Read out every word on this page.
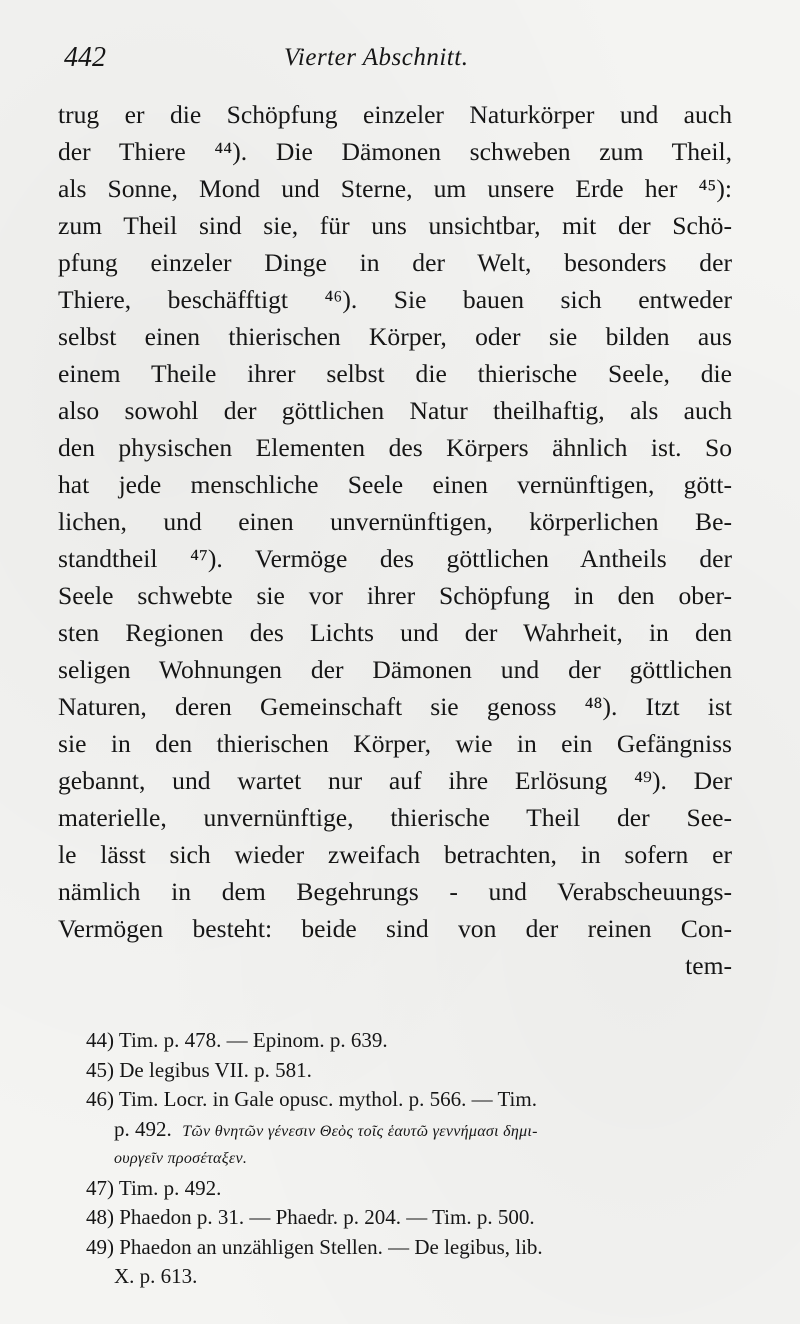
442	Vierter Abschnitt.
trug er die Schöpfung einzeler Naturkörper und auch
der Thiere ⁴⁴). Die Dämonen schweben zum Theil,
als Sonne, Mond und Sterne, um unsere Erde her ⁴⁵):
zum Theil sind sie, für uns unsichtbar, mit der Schö-
pfung einzeler Dinge in der Welt, besonders der
Thiere, beschäfftigt ⁴⁶). Sie bauen sich entweder
selbst einen thierischen Körper, oder sie bilden aus
einem Theile ihrer selbst die thierische Seele, die
also sowohl der göttlichen Natur theilhaftig, als auch
den physischen Elementen des Körpers ähnlich ist. So
hat jede menschliche Seele einen vernünftigen, gött-
lichen, und einen unvernünftigen, körperlichen Be-
standtheil ⁴⁷). Vermöge des göttlichen Antheils der
Seele schwebte sie vor ihrer Schöpfung in den ober-
sten Regionen des Lichts und der Wahrheit, in den
seligen Wohnungen der Dämonen und der göttlichen
Naturen, deren Gemeinschaft sie genoss ⁴⁸). Itzt ist
sie in den thierischen Körper, wie in ein Gefängniss
gebannt, und wartet nur auf ihre Erlösung ⁴⁹). Der
materielle, unvernünftige, thierische Theil der See-
le lässt sich wieder zweifach betrachten, in sofern er
nämlich in dem Begehrungs - und Verabscheuungs-
Vermögen besteht: beide sind von der reinen Con-
tem-
44) Tim. p. 478. — Epinom. p. 639.
45) De legibus VII. p. 581.
46) Tim. Locr. in Gale opusc. mythol. p. 566. — Tim.
p. 492. Τῶν θνητῶν γένεσιν Θεὸς τοῖς ἑαυτῶ γεννήμασι δημι-
ουργεῖν προσέταξεν.
47) Tim. p. 492.
48) Phaedon p. 31. — Phaedr. p. 204. — Tim. p. 500.
49) Phaedon an unzähligen Stellen. — De legibus, lib.
X. p. 613.
